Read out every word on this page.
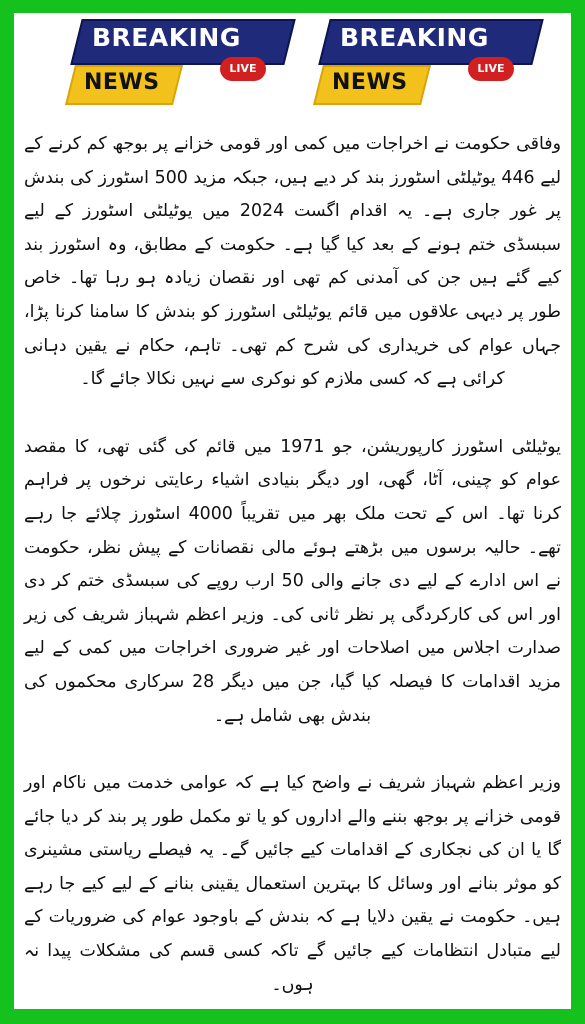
BREAKING
NEWS
LIVE
BREAKING
NEWS
LIVE

وفاقی حکومت نے اخراجات میں کمی اور قومی خزانے پر بوجھ کم کرنے کے لیے 446 یوٹیلٹی اسٹورز بند کر دیے ہیں، جبکہ مزید 500 اسٹورز کی بندش پر غور جاری ہے۔ یہ اقدام اگست 2024 میں یوٹیلٹی اسٹورز کے لیے سبسڈی ختم ہونے کے بعد کیا گیا ہے۔ حکومت کے مطابق، وہ اسٹورز بند کیے گئے ہیں جن کی آمدنی کم تھی اور نقصان زیادہ ہو رہا تھا۔ خاص طور پر دیہی علاقوں میں قائم یوٹیلٹی اسٹورز کو بندش کا سامنا کرنا پڑا، جہاں عوام کی خریداری کی شرح کم تھی۔ تاہم، حکام نے یقین دہانی کرائی ہے کہ کسی ملازم کو نوکری سے نہیں نکالا جائے گا۔

یوٹیلٹی اسٹورز کارپوریشن، جو 1971 میں قائم کی گئی تھی، کا مقصد عوام کو چینی، آٹا، گھی، اور دیگر بنیادی اشیاء رعایتی نرخوں پر فراہم کرنا تھا۔ اس کے تحت ملک بھر میں تقریباً 4000 اسٹورز چلائے جا رہے تھے۔ حالیہ برسوں میں بڑھتے ہوئے مالی نقصانات کے پیش نظر، حکومت نے اس ادارے کے لیے دی جانے والی 50 ارب روپے کی سبسڈی ختم کر دی اور اس کی کارکردگی پر نظر ثانی کی۔ وزیر اعظم شہباز شریف کی زیر صدارت اجلاس میں اصلاحات اور غیر ضروری اخراجات میں کمی کے لیے مزید اقدامات کا فیصلہ کیا گیا، جن میں دیگر 28 سرکاری محکموں کی بندش بھی شامل ہے۔

وزیر اعظم شہباز شریف نے واضح کیا ہے کہ عوامی خدمت میں ناکام اور قومی خزانے پر بوجھ بننے والے اداروں کو یا تو مکمل طور پر بند کر دیا جائے گا یا ان کی نجکاری کے اقدامات کیے جائیں گے۔ یہ فیصلے ریاستی مشینری کو موثر بنانے اور وسائل کا بہترین استعمال یقینی بنانے کے لیے کیے جا رہے ہیں۔ حکومت نے یقین دلایا ہے کہ بندش کے باوجود عوام کی ضروریات کے لیے متبادل انتظامات کیے جائیں گے تاکہ کسی قسم کی مشکلات پیدا نہ ہوں۔
